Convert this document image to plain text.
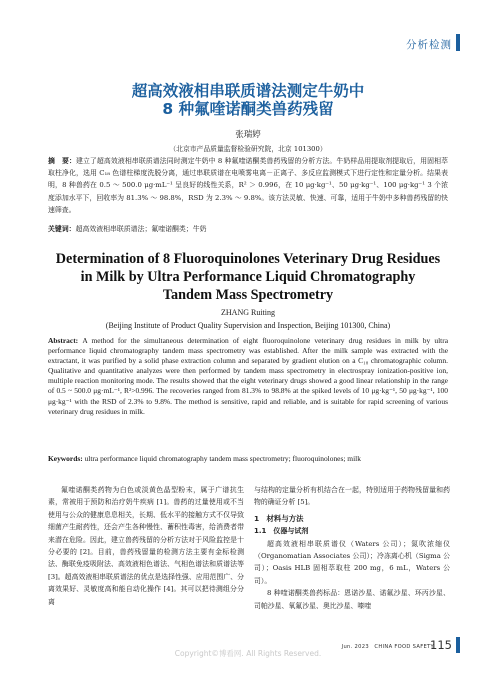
分析检测
超高效液相串联质谱法测定牛奶中
8 种氟喹诺酮类兽药残留
张瑞婷
（北京市产品质量监督检验研究院，北京 101300）
摘　要：建立了超高效液相串联质谱法同时测定牛奶中 8 种氟喹诺酮类兽药残留的分析方法。牛奶样品用提取剂提取后，用固相萃取柱净化，选用 C₁₈ 色谱柱梯度洗脱分离，通过串联质谱在电喷雾电离－正离子、多反应监测模式下进行定性和定量分析。结果表明，8 种兽药在 0.5 ～ 500.0 μg·mL⁻¹ 呈良好的线性关系，R² ＞ 0.996，在 10 μg·kg⁻¹、50 μg·kg⁻¹、100 μg·kg⁻¹ 3 个浓度添加水平下，回收率为 81.3% ～ 98.8%，RSD 为 2.3% ～ 9.8%。该方法灵敏、快速、可靠，适用于牛奶中多种兽药残留的快速筛查。
关键词：超高效液相串联质谱法；氟喹诺酮类；牛奶
Determination of 8 Fluoroquinolones Veterinary Drug Residues
in Milk by Ultra Performance Liquid Chromatography
Tandem Mass Spectrometry
ZHANG Ruiting
(Beijing Institute of Product Quality Supervision and Inspection, Beijing 101300, China)
Abstract: A method for the simultaneous determination of eight fluoroquinolone veterinary drug residues in milk by ultra performance liquid chromatography tandem mass spectrometry was established. After the milk sample was extracted with the extractant, it was purified by a solid phase extraction column and separated by gradient elution on a C₁₈ chromatographic column. Qualitative and quantitative analyzes were then performed by tandem mass spectrometry in electrospray ionization-positive ion, multiple reaction monitoring mode. The results showed that the eight veterinary drugs showed a good linear relationship in the range of 0.5 ~ 500.0 μg·mL⁻¹, R²>0.996. The recoveries ranged from 81.3% to 98.8% at the spiked levels of 10 μg·kg⁻¹, 50 μg·kg⁻¹, 100 μg·kg⁻¹ with the RSD of 2.3% to 9.8%. The method is sensitive, rapid and reliable, and is suitable for rapid screening of various veterinary drug residues in milk.
Keywords: ultra performance liquid chromatography tandem mass spectrometry; fluoroquinolones; milk

氟喹诺酮类药物为白色或淡黄色晶型粉末，属于广谱抗生素，常被用于预防和治疗奶牛疾病 [1]。兽药的过量使用或不当使用与公众的健康息息相关，长期、低水平的接触方式不仅导致细菌产生耐药性，还会产生各种慢性、蓄积性毒害，给消费者带来潜在危险。因此，建立兽药残留的分析方法对于风险监控是十分必要的 [2]。目前，兽药残留量的检测方法主要有金标检测法、酶联免疫吸附法、高效液相色谱法、气相色谱法和质谱法等 [3]。超高效液相串联质谱法的优点是选择性强、应用范围广、分离效果好、灵敏度高和能自动化操作 [4]。其可以把待测组分分离

与结构的定量分析有机结合在一起，特别适用于药物残留量和药物的确证分析 [5]。

1　材料与方法
1.1　仪器与试剂

超高效液相串联质谱仪（Waters 公司）；氮吹浓缩仪（Organomatian Associates 公司）；冷冻离心机（Sigma 公司）；Oasis HLB 固相萃取柱 200 mg，6 mL，Waters 公司）。

8 种喹诺酮类兽药标品：恩诺沙星、诺氟沙星、环丙沙星、司帕沙星、氧氟沙星、奥比沙星、嗪喹

Copyright©博看网. All Rights Reserved.
Jun. 2023　CHINA FOOD SAFETY
115
